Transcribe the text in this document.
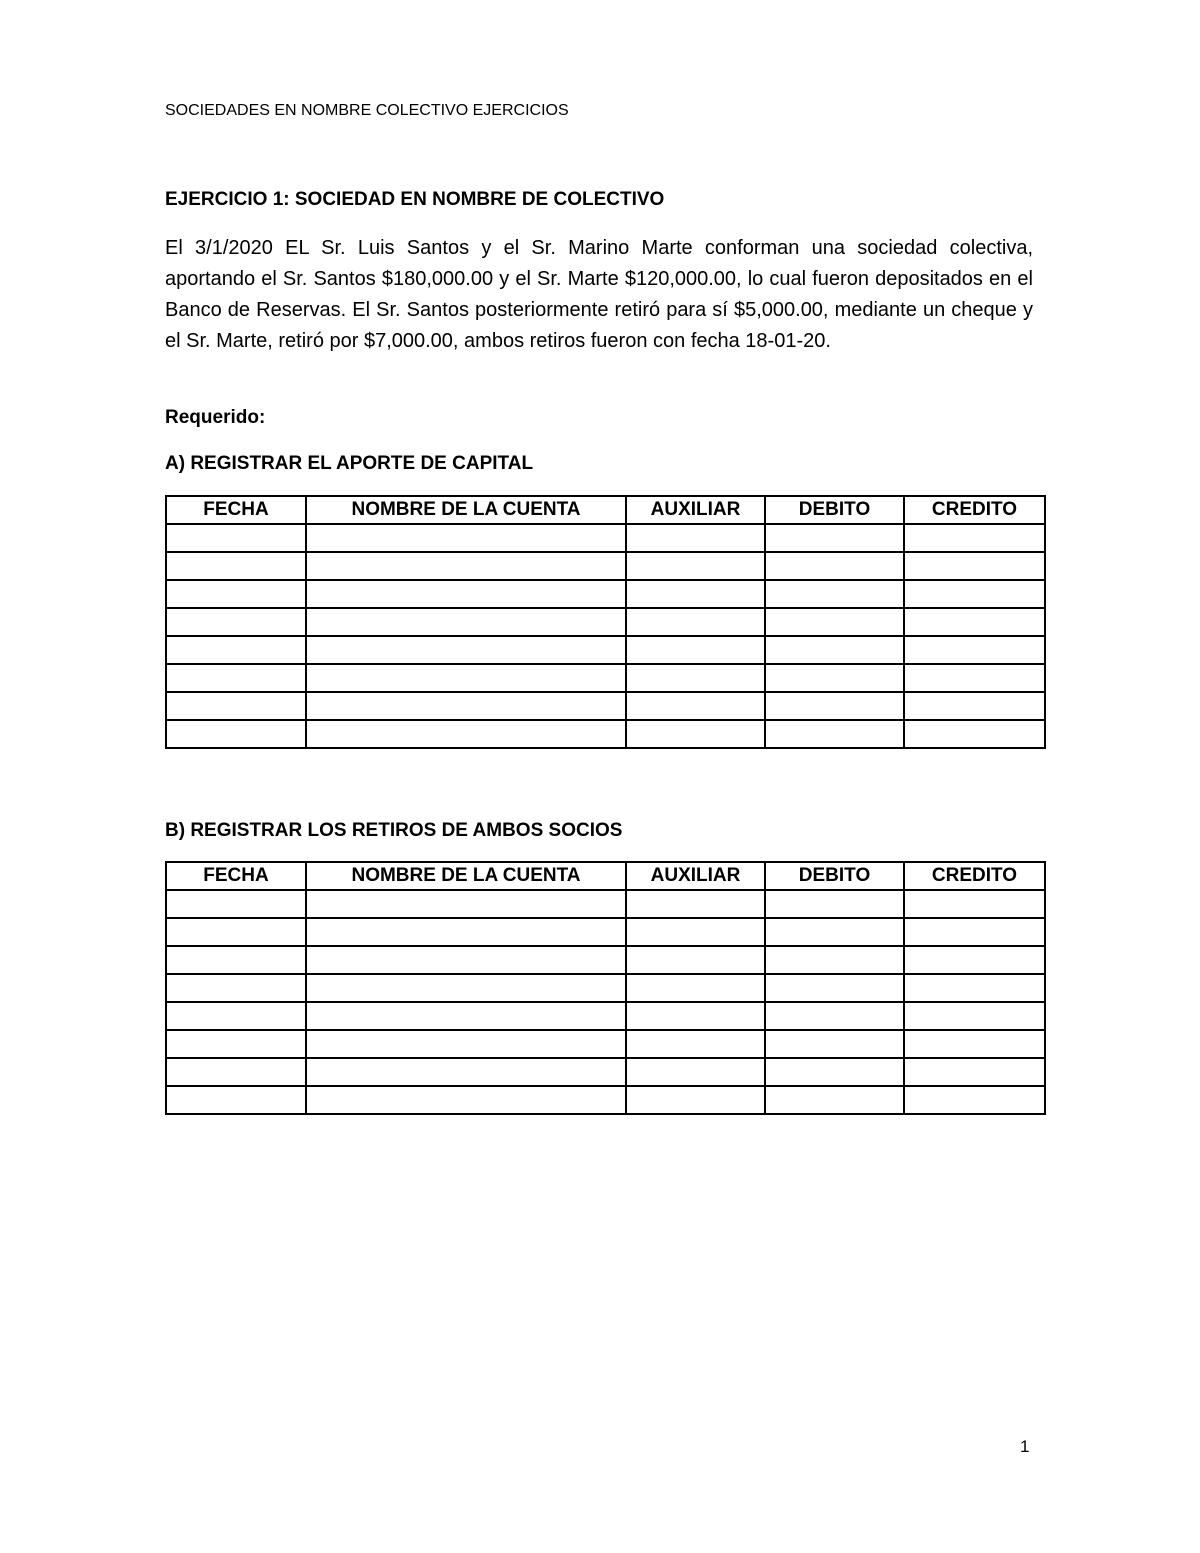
SOCIEDADES EN NOMBRE COLECTIVO EJERCICIOS
EJERCICIO 1: SOCIEDAD EN NOMBRE DE COLECTIVO

El 3/1/2020 EL Sr. Luis Santos y el Sr. Marino Marte conforman una sociedad colectiva, aportando el Sr. Santos $180,000.00 y el Sr. Marte $120,000.00, lo cual fueron depositados en el Banco de Reservas. El Sr. Santos posteriormente retiró para sí $5,000.00, mediante un cheque y el Sr. Marte, retiró por $7,000.00, ambos retiros fueron con fecha 18-01-20.

Requerido:
A) REGISTRAR EL APORTE DE CAPITAL
FECHA	NOMBRE DE LA CUENTA	AUXILIAR	DEBITO	CREDITO

B) REGISTRAR LOS RETIROS DE AMBOS SOCIOS
FECHA	NOMBRE DE LA CUENTA	AUXILIAR	DEBITO	CREDITO

1
